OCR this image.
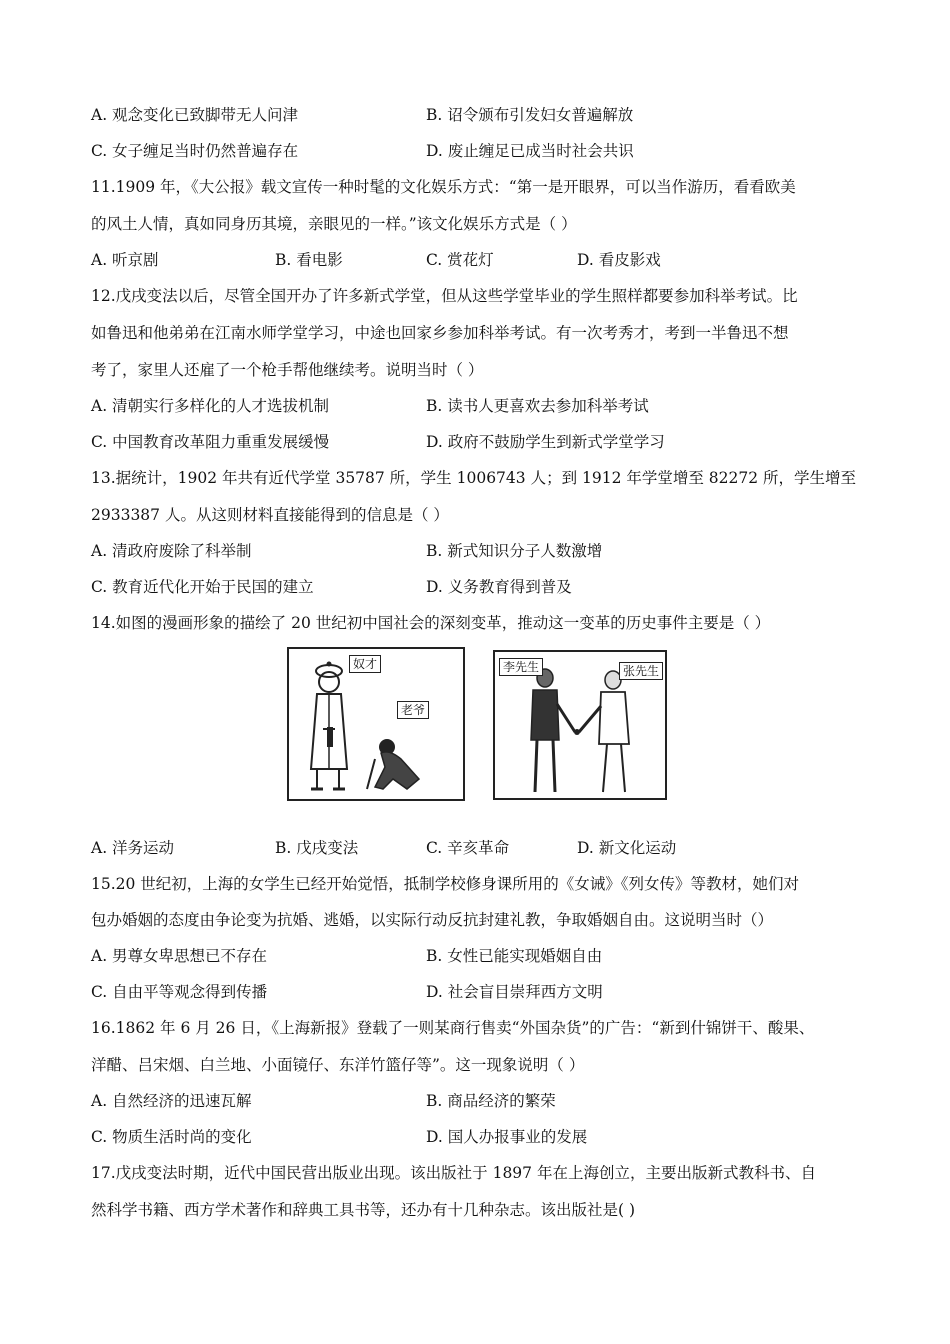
A. 观念变化已致脚带无人问津	B. 诏令颁布引发妇女普遍解放
C. 女子缠足当时仍然普遍存在	D. 废止缠足已成当时社会共识
11.1909 年，《大公报》载文宣传一种时髦的文化娱乐方式：“第一是开眼界，可以当作游历，看看欧美
的风土人情，真如同身历其境，亲眼见的一样。”该文化娱乐方式是（ ）
A. 听京剧	B. 看电影	C. 赏花灯	D. 看皮影戏
12.戊戌变法以后，尽管全国开办了许多新式学堂，但从这些学堂毕业的学生照样都要参加科举考试。比
如鲁迅和他弟弟在江南水师学堂学习，中途也回家乡参加科举考试。有一次考秀才，考到一半鲁迅不想
考了，家里人还雇了一个枪手帮他继续考。说明当时（ ）
A. 清朝实行多样化的人才选拔机制	B. 读书人更喜欢去参加科举考试
C. 中国教育改革阻力重重发展缓慢	D. 政府不鼓励学生到新式学堂学习
13.据统计，1902 年共有近代学堂 35787 所，学生 1006743 人；到 1912 年学堂增至 82272 所，学生增至
2933387 人。从这则材料直接能得到的信息是（ ）
A. 清政府废除了科举制	B. 新式知识分子人数激增
C. 教育近代化开始于民国的建立	D. 义务教育得到普及
14.如图的漫画形象的描绘了 20 世纪初中国社会的深刻变革，推动这一变革的历史事件主要是（ ）
奴才
老爷
李先生	张先生
A. 洋务运动	B. 戊戌变法	C. 辛亥革命	D. 新文化运动
15.20 世纪初，上海的女学生已经开始觉悟，抵制学校修身课所用的《女诫》《列女传》等教材，她们对
包办婚姻的态度由争论变为抗婚、逃婚，以实际行动反抗封建礼教，争取婚姻自由。这说明当时（）
A. 男尊女卑思想已不存在	B. 女性已能实现婚姻自由
C. 自由平等观念得到传播	D. 社会盲目崇拜西方文明
16.1862 年 6 月 26 日，《上海新报》登载了一则某商行售卖“外国杂货”的广告：“新到什锦饼干、酸果、
洋醋、吕宋烟、白兰地、小面镜仔、东洋竹篮仔等”。这一现象说明（ ）
A. 自然经济的迅速瓦解	B. 商品经济的繁荣
C. 物质生活时尚的变化	D. 国人办报事业的发展
17.戊戌变法时期，近代中国民营出版业出现。该出版社于 1897 年在上海创立，主要出版新式教科书、自
然科学书籍、西方学术著作和辞典工具书等，还办有十几种杂志。该出版社是( )
